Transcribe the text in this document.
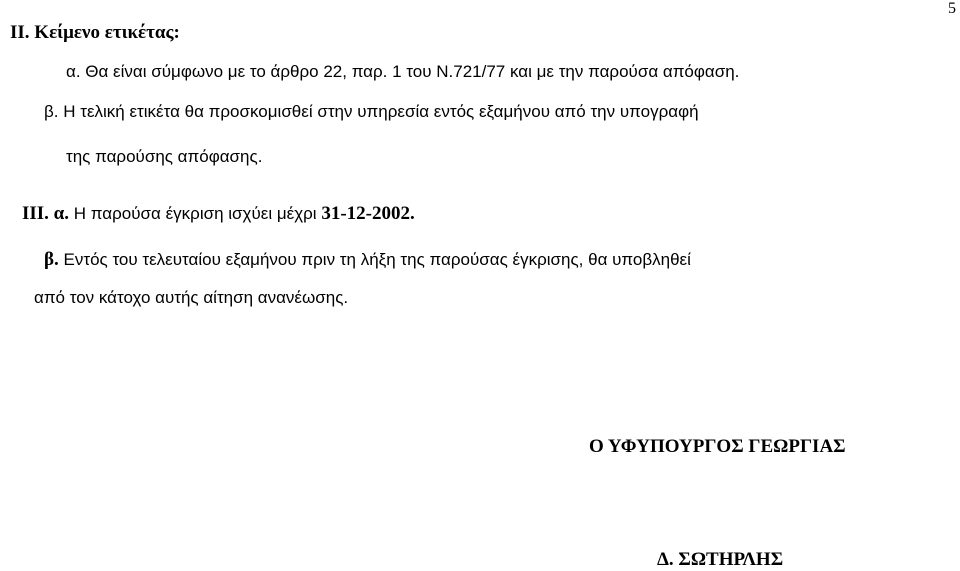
5
II. Κείμενο ετικέτας:
α. Θα είναι σύμφωνο με το άρθρο 22, παρ. 1 του Ν.721/77 και με την παρούσα απόφαση.
β. Η τελική ετικέτα θα προσκομισθεί στην υπηρεσία εντός εξαμήνου από την υπογραφή
της παρούσης απόφασης.
III. α. Η παρούσα έγκριση ισχύει μέχρι 31-12-2002.
β. Εντός του τελευταίου εξαμήνου πριν τη λήξη της παρούσας έγκρισης, θα υποβληθεί
από τον κάτοχο αυτής αίτηση ανανέωσης.
Ο ΥΦΥΠΟΥΡΓΟΣ ΓΕΩΡΓΙΑΣ
Δ. ΣΩΤΗΡΛΗΣ
